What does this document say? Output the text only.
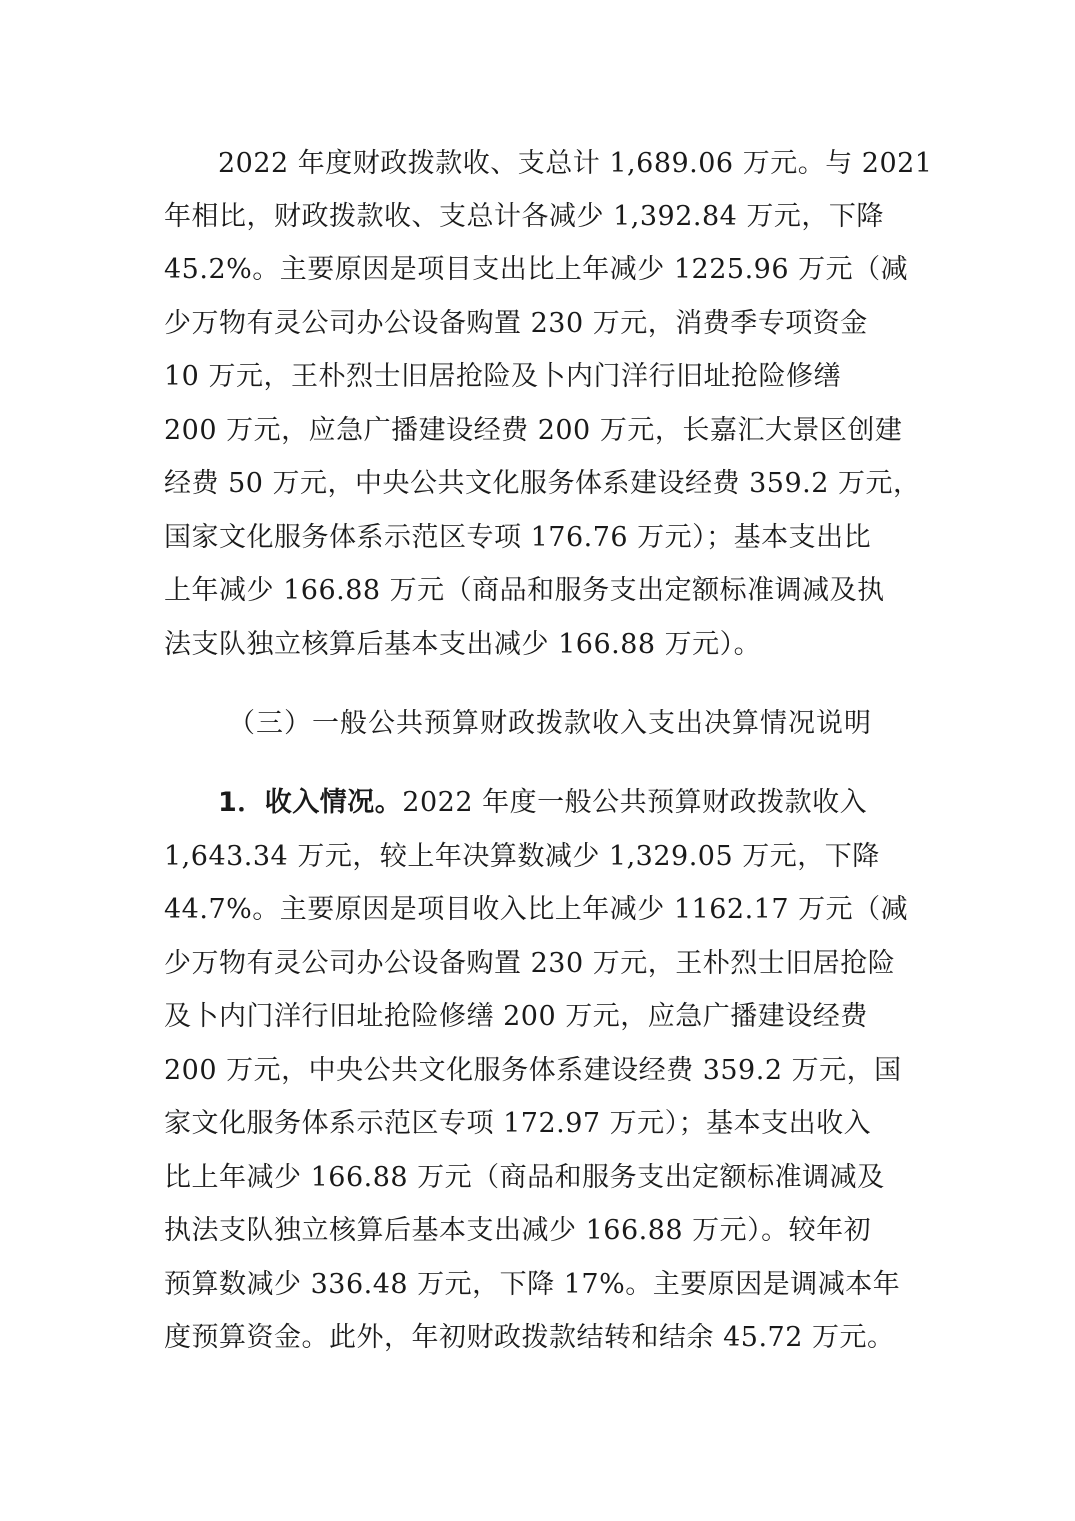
2022 年度财政拨款收、支总计 1,689.06 万元。与 2021
年相比，财政拨款收、支总计各减少 1,392.84 万元，下降
45.2%。主要原因是项目支出比上年减少 1225.96 万元（减
少万物有灵公司办公设备购置 230 万元，消费季专项资金
10 万元，王朴烈士旧居抢险及卜内门洋行旧址抢险修缮
200 万元，应急广播建设经费 200 万元，长嘉汇大景区创建
经费 50 万元，中央公共文化服务体系建设经费 359.2 万元，
国家文化服务体系示范区专项 176.76 万元）；基本支出比
上年减少 166.88 万元（商品和服务支出定额标准调减及执
法支队独立核算后基本支出减少 166.88 万元）。
（三）一般公共预算财政拨款收入支出决算情况说明
1．收入情况。2022 年度一般公共预算财政拨款收入
1,643.34 万元，较上年决算数减少 1,329.05 万元，下降
44.7%。主要原因是项目收入比上年减少 1162.17 万元（减
少万物有灵公司办公设备购置 230 万元，王朴烈士旧居抢险
及卜内门洋行旧址抢险修缮 200 万元，应急广播建设经费
200 万元，中央公共文化服务体系建设经费 359.2 万元，国
家文化服务体系示范区专项 172.97 万元）；基本支出收入
比上年减少 166.88 万元（商品和服务支出定额标准调减及
执法支队独立核算后基本支出减少 166.88 万元）。较年初
预算数减少 336.48 万元，下降 17%。主要原因是调减本年
度预算资金。此外，年初财政拨款结转和结余 45.72 万元。
